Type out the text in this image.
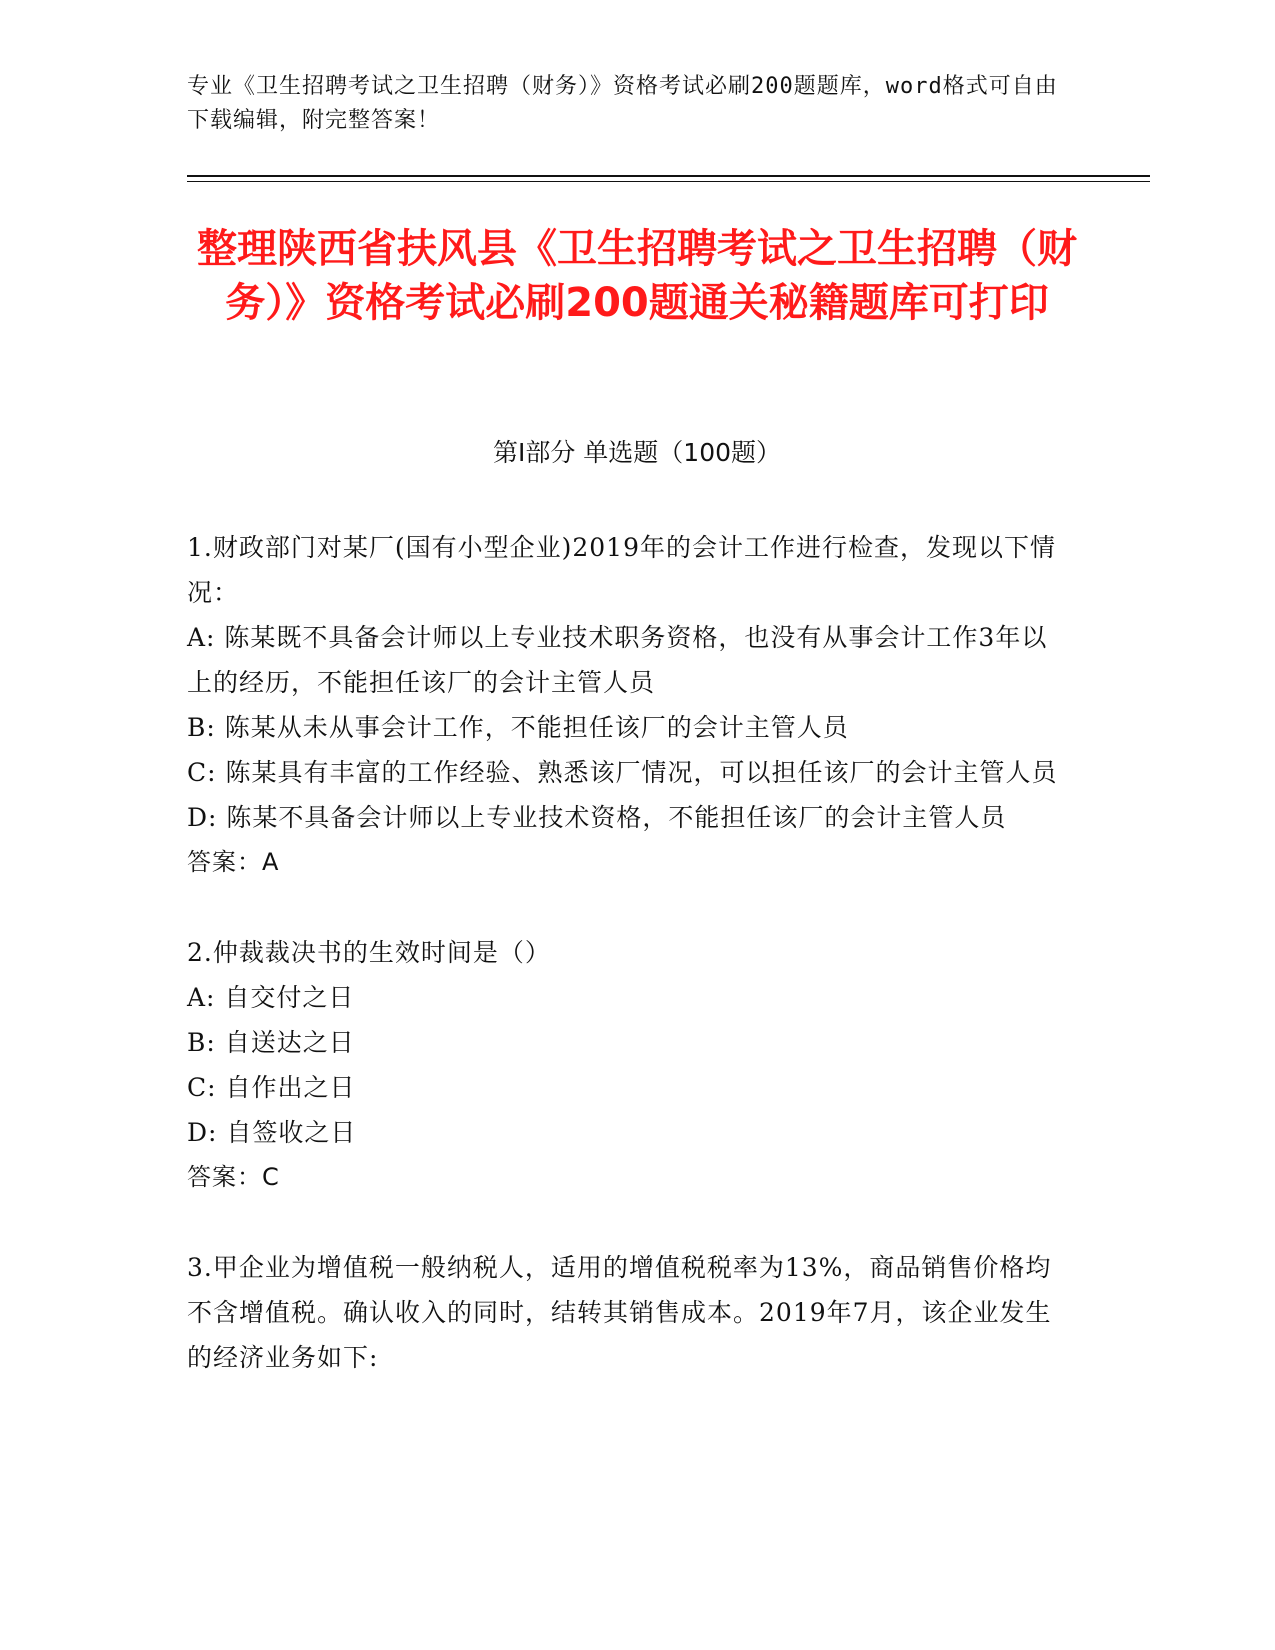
专业《卫生招聘考试之卫生招聘（财务）》资格考试必刷200题题库，word格式可自由下载编辑，附完整答案！
整理陕西省扶风县《卫生招聘考试之卫生招聘（财务）》资格考试必刷200题通关秘籍题库可打印
第Ⅰ部分 单选题（100题）

1.财政部门对某厂(国有小型企业)2019年的会计工作进行检查，发现以下情况：

A: 陈某既不具备会计师以上专业技术职务资格，也没有从事会计工作3年以上的经历，不能担任该厂的会计主管人员

B: 陈某从未从事会计工作，不能担任该厂的会计主管人员

C: 陈某具有丰富的工作经验、熟悉该厂情况，可以担任该厂的会计主管人员

D: 陈某不具备会计师以上专业技术资格，不能担任该厂的会计主管人员

答案：A

2.仲裁裁决书的生效时间是（）

A: 自交付之日

B: 自送达之日

C: 自作出之日

D: 自签收之日

答案：C

3.甲企业为增值税一般纳税人，适用的增值税税率为13%，商品销售价格均不含增值税。确认收入的同时，结转其销售成本。2019年7月，该企业发生的经济业务如下:
